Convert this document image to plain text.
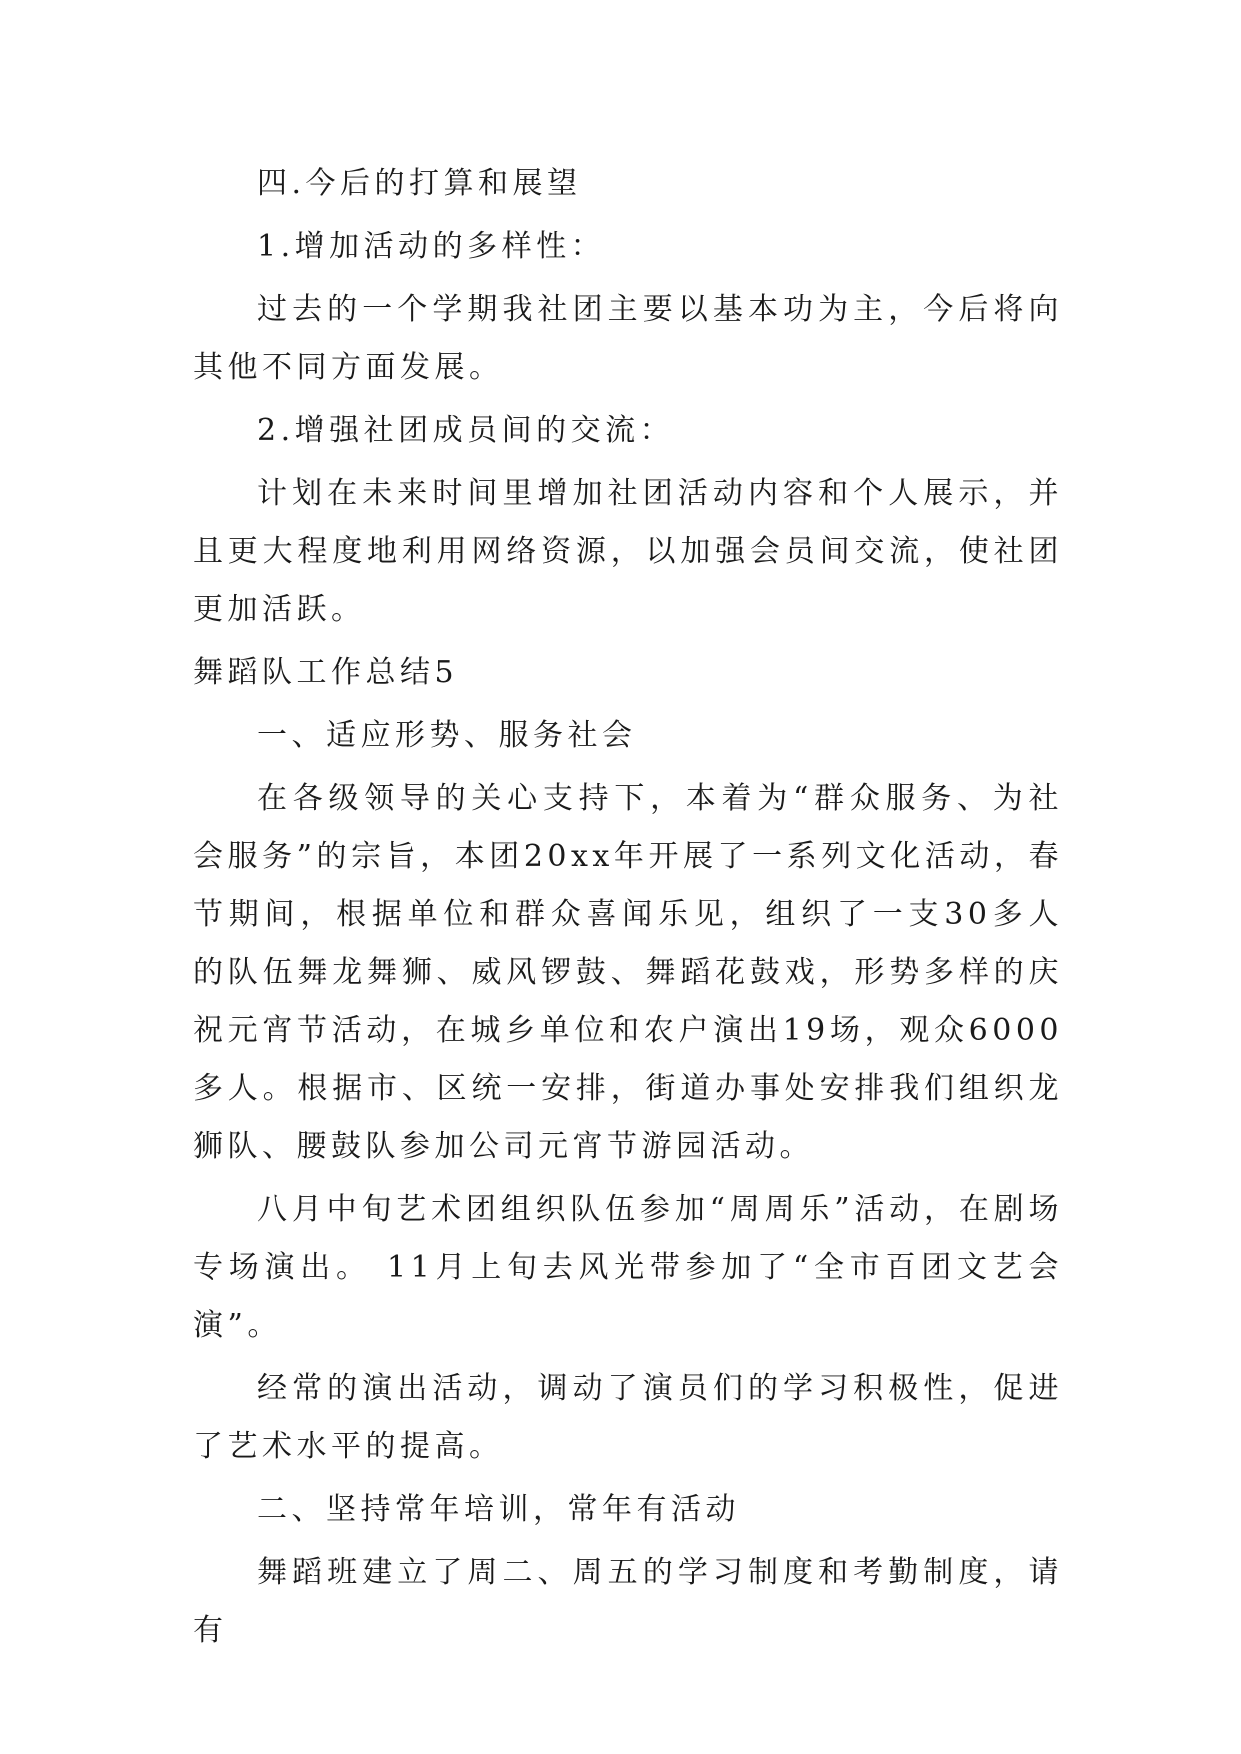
四.今后的打算和展望

1.增加活动的多样性：

过去的一个学期我社团主要以基本功为主，今后将向其他不同方面发展。

2.增强社团成员间的交流：

计划在未来时间里增加社团活动内容和个人展示，并且更大程度地利用网络资源，以加强会员间交流，使社团更加活跃。

舞蹈队工作总结5

一、适应形势、服务社会

在各级领导的关心支持下，本着为“群众服务、为社会服务”的宗旨，本团20xx年开展了一系列文化活动，春节期间，根据单位和群众喜闻乐见，组织了一支30多人的队伍舞龙舞狮、威风锣鼓、舞蹈花鼓戏，形势多样的庆祝元宵节活动，在城乡单位和农户演出19场，观众6000多人。根据市、区统一安排，街道办事处安排我们组织龙狮队、腰鼓队参加公司元宵节游园活动。

八月中旬艺术团组织队伍参加“周周乐”活动，在剧场专场演出。 11月上旬去风光带参加了“全市百团文艺会演”。

经常的演出活动，调动了演员们的学习积极性，促进了艺术水平的提高。

二、坚持常年培训，常年有活动

舞蹈班建立了周二、周五的学习制度和考勤制度，请有
